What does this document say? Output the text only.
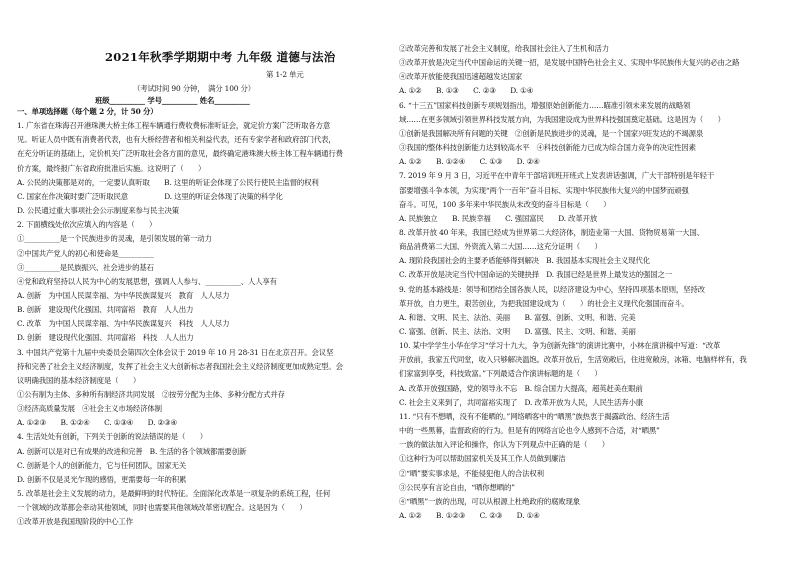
2021年秋季学期期中考 九年级 道德与法治
第 1-2 单元
（考试时间 90 分钟，　满分 100 分）
班级__________ 学号__________ 姓名__________
一、单项选择题（每个题 2 分，计 50 分）
1. 广东省在珠海召开港珠澳大桥主体工程车辆通行费收费标准听证会，就定价方案广泛听取各方意
见。听证人员中既有消费者代表，也有大桥经营者和相关利益代表，还有专家学者和政府部门代表，
在充分听证的基础上，定价机关广泛听取社会各方面的意见，最终确定港珠澳大桥主体工程车辆通行费
价方案，最终报广东省政府批准后实施。这说明了（　　）
A. 公民的决策都是对的，一定要认真听取　　B. 这里的听证会体现了公民行使民主监督的权利
C. 国家在作决策时要广泛听取民意　　　　　D. 这里的听证会体现了决策的科学化
D. 公民通过重大事项社会公示制度来参与民主决策
2. 下面横线处依次应填入的内容是（　　）
①__________是一个民族进步的灵魂，是引领发展的第一动力
②中国共产党人的初心和使命是__________
③__________是民族振兴、社会进步的基石
④党和政府坚持以人民为中心的发展思想，强调人人参与、__________、人人享有
A. 创新　为中国人民谋幸福、为中华民族谋复兴　教育　人人尽力
B. 创新　建设现代化强国、共同富裕　教育　人人出力
C. 改革　为中国人民谋幸福、为中华民族谋复兴　科技　人人尽力
D. 创新　建设现代化强国、共同富裕　科技　人人出力
3. 中国共产党第十九届中央委员会第四次全体会议于 2019 年 10 月 28-31 日在北京召开。会议坚
持和完善了社会主义经济制度，发挥了社会主义大创新标志者我国社会主义经济制度更加成熟定型。会
议明确我国的基本经济制度是（　　）
①公有制为主体、多种所有制经济共同发展　②按劳分配为主体、多种分配方式并存
③经济高质量发展　④社会主义市场经济体制
A. ①②③　　B. ①②④　　C. ①③④　　D. ②③④
4. 生活处处有创新，下列关于创新的说法错误的是（　　）
A. 创新可以是对已有成果的改进和完善　B. 生活的各个领域都需要创新
C. 创新是个人的创新能力，它与任何团队，国家无关
D. 创新不仅是灵光乍现的感悟，更需要每一年的积累
5. 改革是社会主义发展的动力，是最鲜明的时代特征。全面深化改革是一项复杂的系统工程，任何
一个领域的改革都会牵动其他领域，同时也需要其他领域改革密切配合。这是因为（　　）
①改革开放是我国现阶段的中心工作
②改革完善和发展了社会主义制度，给我国社会注入了生机和活力
③改革开放是决定当代中国命运的关键一招，是发展中国特色社会主义、实现中华民族伟大复兴的必由之路
④改革开放能使我国迅速超越发达国家
A. ①②　　B. ①③　　C. ②③　　D. ①④
6. “十三五”国家科技创新专项规划指出，增强原始创新能力……瞄准引领未来发展的战略领
域……在更多领域引领世界科技发展方向，为我国建设成为世界科技强国奠定基础。这是因为（　　）
①创新是我国解决所有问题的关键　②创新是民族进步的灵魂，是一个国家兴旺发达的不竭源泉
③我国的整体科技创新能力达到较高水平　④科技创新能力已成为综合国力竞争的决定性因素
A. ①②　　B. ①②④　　C. ①③　　D. ②④
7. 2019 年 9 月 3 日，习近平在中青年干部培训班开班式上发表讲话强调，广大干部特别是年轻干
部要增强斗争本领，为实现“两个一百年”奋斗目标、实现中华民族伟大复兴的中国梦而顽强
奋斗。可见，100 多年来中华民族从未改变的奋斗目标是（　　）
A. 民族独立　　B. 民族幸福　　C. 强国富民　　D. 改革开放
8. 改革开放 40 年来，我国已经成为世界第二大经济体，制造业第一大国、货物贸易第一大国、
商品消费第二大国、外资流入第二大国……这充分证明（　　）
A. 现阶段我国社会的主要矛盾能够得到解决　B. 我国基本实现社会主义现代化
C. 改革开放是决定当代中国命运的关键抉择　D. 我国已经是世界上最发达的强国之一
9. 党的基本路线是：领导和团结全国各族人民，以经济建设为中心，坚持四项基本原则，坚持改
革开放，自力更生，艰苦创业，为把我国建设成为（　　）的社会主义现代化强国而奋斗。
A. 和谐、文明、民主、法治、美丽　　B. 富强、创新、文明、和谐、完美
C. 富强、创新、民主、法治、文明　　D. 富强、民主、文明、和谐、美丽
10. 某中学学生小华在学习“学习十九大，争为创新先锋”的演讲比赛中，小林在演讲稿中写道：“改革
开放前，我家五代同堂，收入只够解决温饱。改革开放后，生活宽敞后，住进宽敞房，冰箱、电脑样样有，我
们家富到享受，科技致富。”下列最适合作演讲标题的是（　　）
A. 改革开放强国路，党的领导永不忘　B. 综合国力大提高，超英赶美在眼前
C. 社会主义来到了，共同富裕实现了　D. 改革开放为人民，人民生活奔小康
11. “只有不想晒，没有不能晒的。”网络晒客中的“晒黑”族热衷于揭露政治、经济生活
中的一些黑幕，监督政府的行为。但是有的网络言论也令人感到不合适，对“晒黑”
一族的做法加入评论和操作，你认为下列观点中正确的是（　　）
①这种行为可以帮助国家机关及其工作人员做到廉洁
②“晒”要实事求是，不能侵犯他人的合法权利
③公民享有言论自由，“晒你想晒的”
④“晒黑”一族的出现，可以从根源上杜绝政府的腐败现象
A. ①②　　B. ①②③　　C. ②③　　D. ①④
